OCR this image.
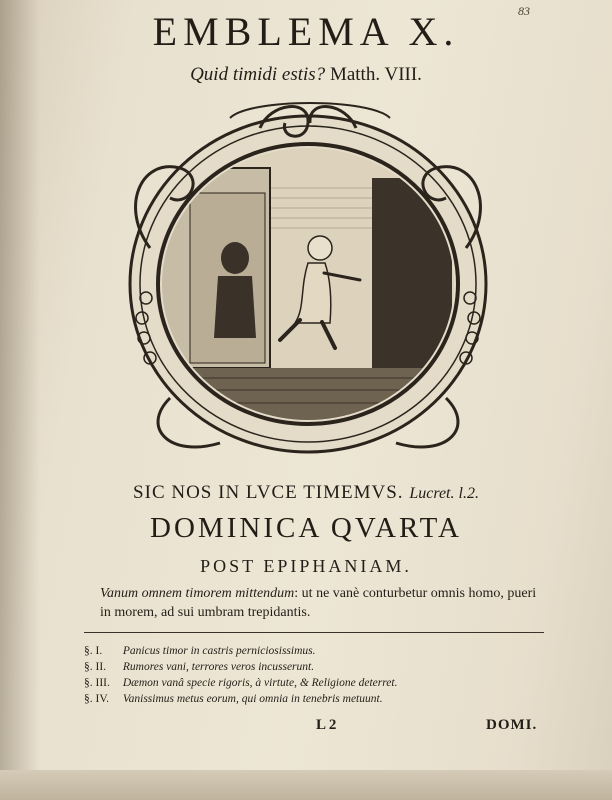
83
EMBLEMA X.
Quid timidi estis? Matth. VIII.
SIC NOS IN LVCE TIMEMVS. Lucret. l.2.
DOMINICA QVARTA
POST EPIPHANIAM.
Vanum omnem timorem mittendum: ut ne vanè conturbetur omnis homo, pueri in morem, ad sui umbram trepidantis.
§. I. Panicus timor in castris perniciosissimus.
§. II. Rumores vani, terrores veros incusserunt.
§. III. Dæmon vanâ specie rigoris, à virtute, & Religione deterret.
§. IV. Vanissimus metus eorum, qui omnia in tenebris metuunt.
L 2	DOMI.
